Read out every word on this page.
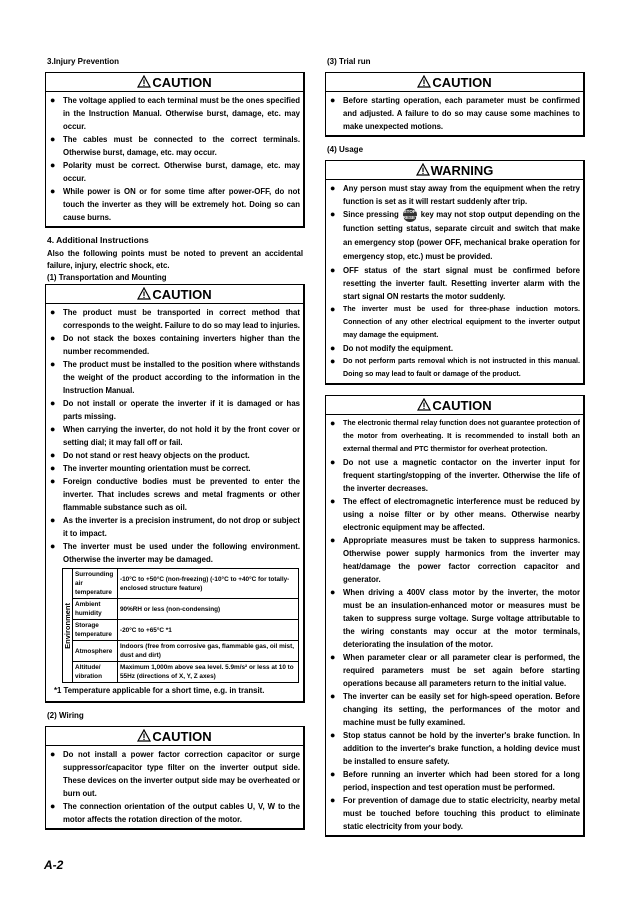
3.Injury Prevention
CAUTION
● The voltage applied to each terminal must be the ones specified in the Instruction Manual. Otherwise burst, damage, etc. may occur.
● The cables must be connected to the correct terminals. Otherwise burst, damage, etc. may occur.
● Polarity must be correct. Otherwise burst, damage, etc. may occur.
● While power is ON or for some time after power-OFF, do not touch the inverter as they will be extremely hot. Doing so can cause burns.
4. Additional Instructions
Also the following points must be noted to prevent an accidental failure, injury, electric shock, etc.
(1) Transportation and Mounting
CAUTION
● The product must be transported in correct method that corresponds to the weight. Failure to do so may lead to injuries.
● Do not stack the boxes containing inverters higher than the number recommended.
● The product must be installed to the position where withstands the weight of the product according to the information in the Instruction Manual.
● Do not install or operate the inverter if it is damaged or has parts missing.
● When carrying the inverter, do not hold it by the front cover or setting dial; it may fall off or fail.
● Do not stand or rest heavy objects on the product.
● The inverter mounting orientation must be correct.
● Foreign conductive bodies must be prevented to enter the inverter. That includes screws and metal fragments or other flammable substance such as oil.
● As the inverter is a precision instrument, do not drop or subject it to impact.
● The inverter must be used under the following environment. Otherwise the inverter may be damaged.
Environment
Surrounding air temperature	-10°C to +50°C (non-freezing) (-10°C to +40°C for totally-enclosed structure feature)
Ambient humidity	90%RH or less (non-condensing)
Storage temperature	-20°C to +65°C *1
Atmosphere	Indoors (free from corrosive gas, flammable gas, oil mist, dust and dirt)
Altitude/ vibration	Maximum 1,000m above sea level. 5.9m/s² or less at 10 to 55Hz (directions of X, Y, Z axes)
*1 Temperature applicable for a short time, e.g. in transit.
(2) Wiring
CAUTION
● Do not install a power factor correction capacitor or surge suppressor/capacitor type filter on the inverter output side. These devices on the inverter output side may be overheated or burn out.
● The connection orientation of the output cables U, V, W to the motor affects the rotation direction of the motor.
(3) Trial run
CAUTION
● Before starting operation, each parameter must be confirmed and adjusted. A failure to do so may cause some machines to make unexpected motions.
(4) Usage
WARNING
● Any person must stay away from the equipment when the retry function is set as it will restart suddenly after trip.
● Since pressing STOP
RESET key may not stop output depending on the function setting status, separate circuit and switch that make an emergency stop (power OFF, mechanical brake operation for emergency stop, etc.) must be provided.
● OFF status of the start signal must be confirmed before resetting the inverter fault. Resetting inverter alarm with the start signal ON restarts the motor suddenly.
● The inverter must be used for three-phase induction motors. Connection of any other electrical equipment to the inverter output may damage the equipment.
● Do not modify the equipment.
● Do not perform parts removal which is not instructed in this manual. Doing so may lead to fault or damage of the product.
CAUTION
● The electronic thermal relay function does not guarantee protection of the motor from overheating. It is recommended to install both an external thermal and PTC thermistor for overheat protection.
● Do not use a magnetic contactor on the inverter input for frequent starting/stopping of the inverter. Otherwise the life of the inverter decreases.
● The effect of electromagnetic interference must be reduced by using a noise filter or by other means. Otherwise nearby electronic equipment may be affected.
● Appropriate measures must be taken to suppress harmonics. Otherwise power supply harmonics from the inverter may heat/damage the power factor correction capacitor and generator.
● When driving a 400V class motor by the inverter, the motor must be an insulation-enhanced motor or measures must be taken to suppress surge voltage. Surge voltage attributable to the wiring constants may occur at the motor terminals, deteriorating the insulation of the motor.
● When parameter clear or all parameter clear is performed, the required parameters must be set again before starting operations because all parameters return to the initial value.
● The inverter can be easily set for high-speed operation. Before changing its setting, the performances of the motor and machine must be fully examined.
● Stop status cannot be hold by the inverter's brake function. In addition to the inverter's brake function, a holding device must be installed to ensure safety.
● Before running an inverter which had been stored for a long period, inspection and test operation must be performed.
● For prevention of damage due to static electricity, nearby metal must be touched before touching this product to eliminate static electricity from your body.
A-2
